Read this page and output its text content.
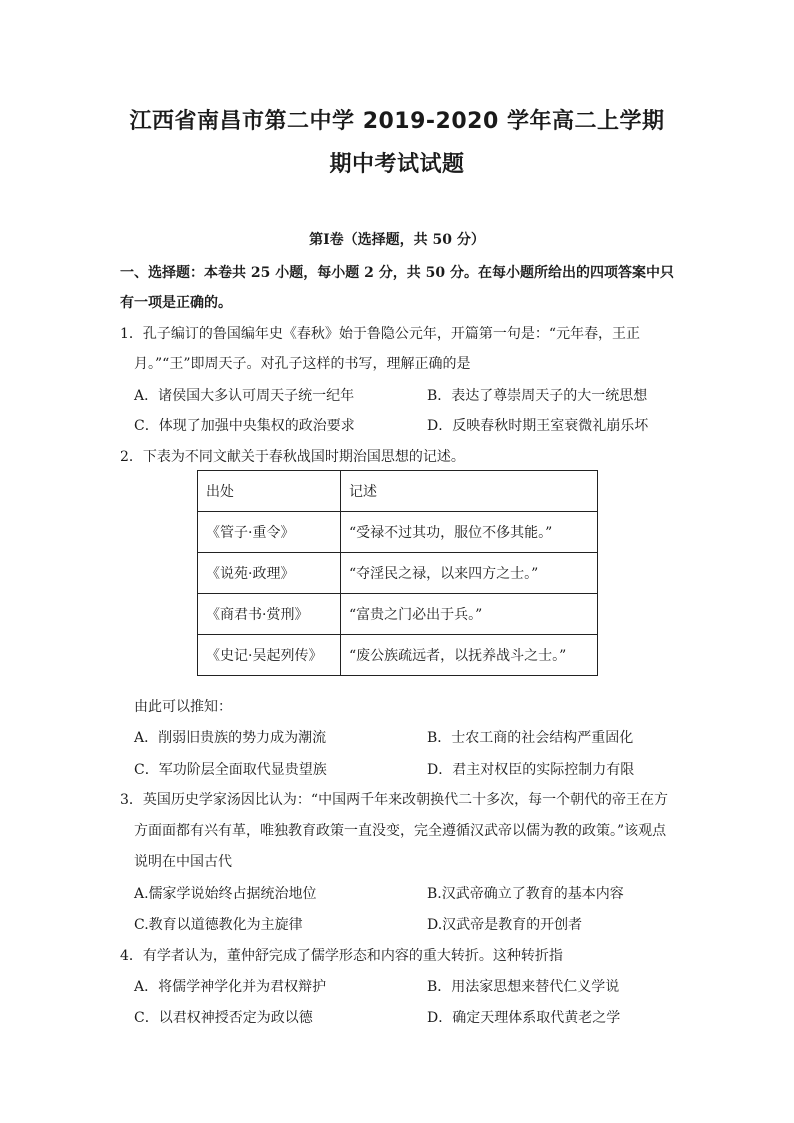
江西省南昌市第二中学 2019-2020 学年高二上学期
期中考试试题
第Ⅰ卷（选择题，共 50 分）
一、选择题：本卷共 25 小题，每小题 2 分，共 50 分。在每小题所给出的四项答案中只
有一项是正确的。
1．孔子编订的鲁国编年史《春秋》始于鲁隐公元年，开篇第一句是：“元年春，王正
月。”“王”即周天子。对孔子这样的书写，理解正确的是
A．诸侯国大多认可周天子统一纪年	B．表达了尊崇周天子的大一统思想
C．体现了加强中央集权的政治要求	D．反映春秋时期王室衰微礼崩乐坏
2．下表为不同文献关于春秋战国时期治国思想的记述。
出处	记述
《管子·重令》	“受禄不过其功，服位不侈其能。”
《说苑·政理》	“夺淫民之禄，以来四方之士。”
《商君书·赏刑》	“富贵之门必出于兵。”
《史记·吴起列传》	“废公族疏远者，以抚养战斗之士。”
由此可以推知：
A．削弱旧贵族的势力成为潮流	B．士农工商的社会结构严重固化
C．军功阶层全面取代显贵望族	D．君主对权臣的实际控制力有限
3．英国历史学家汤因比认为：“中国两千年来改朝换代二十多次，每一个朝代的帝王在方
方面面都有兴有革，唯独教育政策一直没变，完全遵循汉武帝以儒为教的政策。”该观点
说明在中国古代
A.儒家学说始终占据统治地位	B.汉武帝确立了教育的基本内容
C.教育以道德教化为主旋律	D.汉武帝是教育的开创者
4．有学者认为，董仲舒完成了儒学形态和内容的重大转折。这种转折指
A．将儒学神学化并为君权辩护	B．用法家思想来替代仁义学说
C．以君权神授否定为政以德	D．确定天理体系取代黄老之学
